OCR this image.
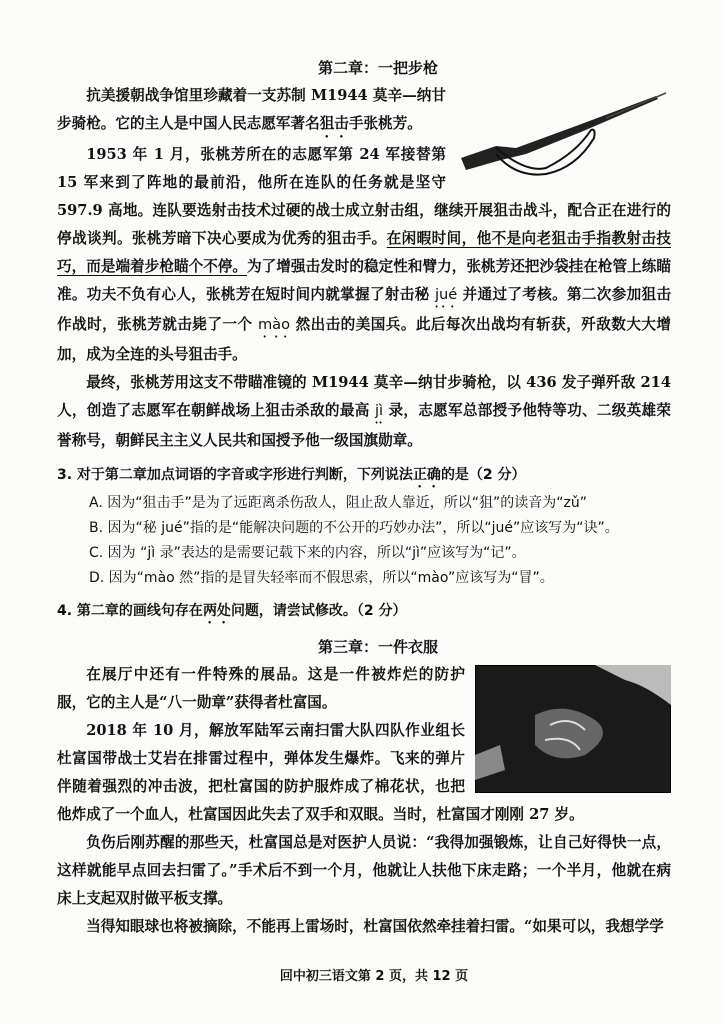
第二章：一把步枪

抗美援朝战争馆里珍藏着一支苏制 M1944 莫辛—纳甘步骑枪。它的主人是中国人民志愿军著名狙击手张桃芳。

1953 年 1 月，张桃芳所在的志愿军第 24 军接替第 15 军来到了阵地的最前沿，他所在连队的任务就是坚守 597.9 高地。连队要选射击技术过硬的战士成立射击组，继续开展狙击战斗，配合正在进行的停战谈判。张桃芳暗下决心要成为优秀的狙击手。在闲暇时间，他不是向老狙击手指教射击技巧，而是端着步枪瞄个不停。为了增强击发时的稳定性和臂力，张桃芳还把沙袋挂在枪管上练瞄准。功夫不负有心人，张桃芳在短时间内就掌握了射击秘 jué 并通过了考核。第二次参加狙击作战时，张桃芳就击毙了一个 mào 然出击的美国兵。此后每次出战均有斩获，歼敌数大大增加，成为全连的头号狙击手。

最终，张桃芳用这支不带瞄准镜的 M1944 莫辛—纳甘步骑枪，以 436 发子弹歼敌 214 人，创造了志愿军在朝鲜战场上狙击杀敌的最高 jì 录，志愿军总部授予他特等功、二级英雄荣誉称号，朝鲜民主主义人民共和国授予他一级国旗勋章。

3. 对于第二章加点词语的字音或字形进行判断，下列说法正确的是（2 分）

A. 因为“狙击手”是为了远距离杀伤敌人，阻止敌人靠近，所以“狙”的读音为“zǔ”

B. 因为“秘 jué”指的是“能解决问题的不公开的巧妙办法”，所以“jué”应该写为“诀”。

C. 因为 “jì 录”表达的是需要记载下来的内容，所以“jì”应该写为“记”。

D. 因为“mào 然”指的是冒失轻率而不假思索，所以“mào”应该写为“冒”。

4. 第二章的画线句存在两处问题，请尝试修改。（2 分）

第三章：一件衣服

在展厅中还有一件特殊的展品。这是一件被炸烂的防护服，它的主人是“八一勋章”获得者杜富国。

2018 年 10 月，解放军陆军云南扫雷大队四队作业组长杜富国带战士艾岩在排雷过程中，弹体发生爆炸。飞来的弹片伴随着强烈的冲击波，把杜富国的防护服炸成了棉花状，也把他炸成了一个血人，杜富国因此失去了双手和双眼。当时，杜富国才刚刚 27 岁。

负伤后刚苏醒的那些天，杜富国总是对医护人员说：“我得加强锻炼，让自己好得快一点，这样就能早点回去扫雷了。”手术后不到一个月，他就让人扶他下床走路；一个半月，他就在病床上支起双肘做平板支撑。

当得知眼球也将被摘除，不能再上雷场时，杜富国依然牵挂着扫雷。“如果可以，我想学学

回中初三语文第 2 页，共 12 页
